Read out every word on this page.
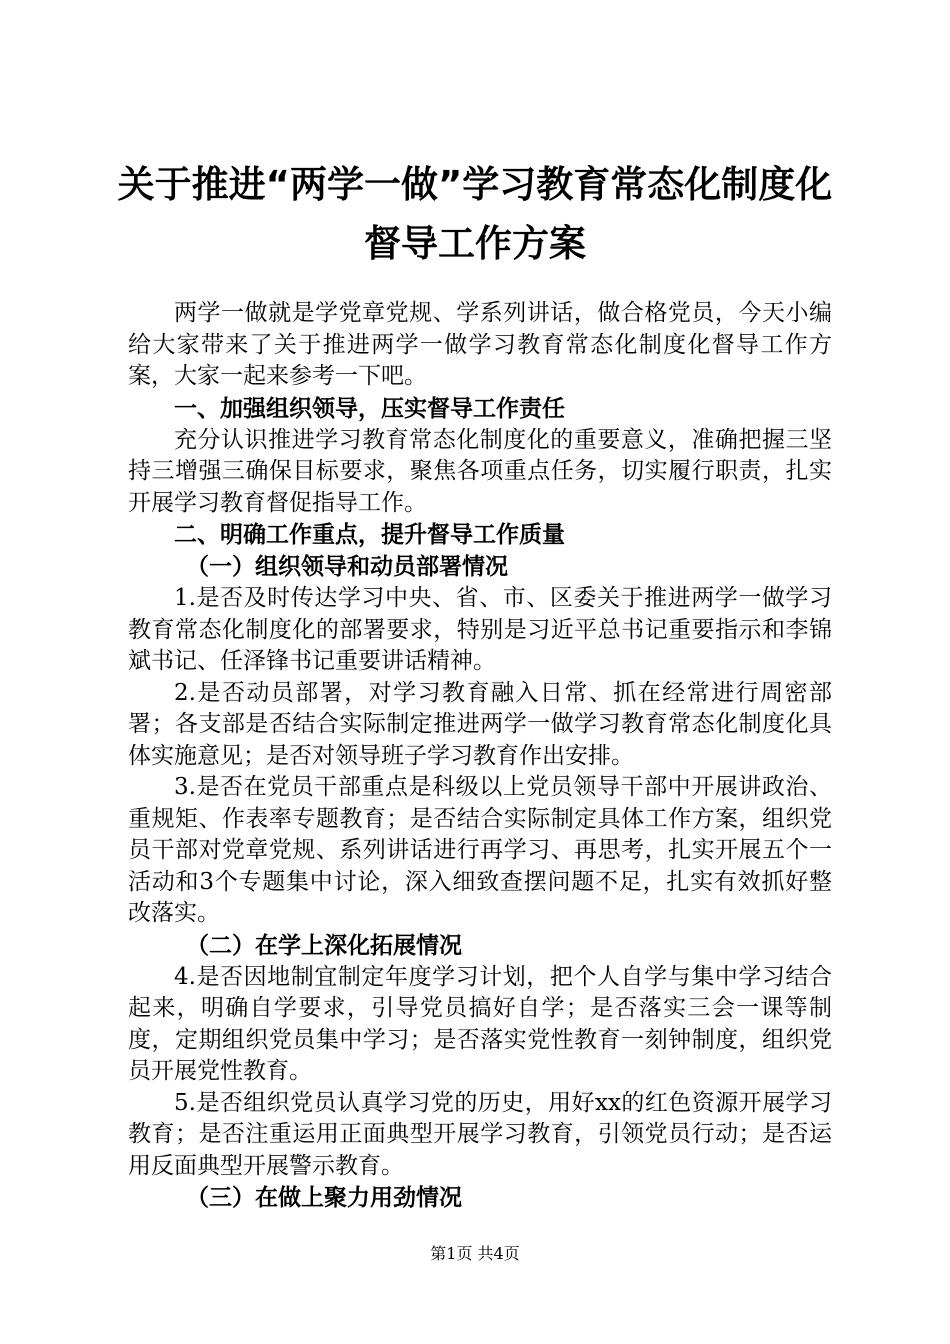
关于推进“两学一做”学习教育常态化制度化
督导工作方案

两学一做就是学党章党规、学系列讲话，做合格党员，今天小编给大家带来了关于推进两学一做学习教育常态化制度化督导工作方案，大家一起来参考一下吧。

一、加强组织领导，压实督导工作责任

充分认识推进学习教育常态化制度化的重要意义，准确把握三坚持三增强三确保目标要求，聚焦各项重点任务，切实履行职责，扎实开展学习教育督促指导工作。

二、明确工作重点，提升督导工作质量

（一）组织领导和动员部署情况

1.是否及时传达学习中央、省、市、区委关于推进两学一做学习教育常态化制度化的部署要求，特别是习近平总书记重要指示和李锦斌书记、任泽锋书记重要讲话精神。

2.是否动员部署，对学习教育融入日常、抓在经常进行周密部署；各支部是否结合实际制定推进两学一做学习教育常态化制度化具体实施意见；是否对领导班子学习教育作出安排。

3.是否在党员干部重点是科级以上党员领导干部中开展讲政治、重规矩、作表率专题教育；是否结合实际制定具体工作方案，组织党员干部对党章党规、系列讲话进行再学习、再思考，扎实开展五个一活动和3个专题集中讨论，深入细致查摆问题不足，扎实有效抓好整改落实。

（二）在学上深化拓展情况

4.是否因地制宜制定年度学习计划，把个人自学与集中学习结合起来，明确自学要求，引导党员搞好自学；是否落实三会一课等制度，定期组织党员集中学习；是否落实党性教育一刻钟制度，组织党员开展党性教育。

5.是否组织党员认真学习党的历史，用好xx的红色资源开展学习教育；是否注重运用正面典型开展学习教育，引领党员行动；是否运用反面典型开展警示教育。

（三）在做上聚力用劲情况

第1页 共4页
